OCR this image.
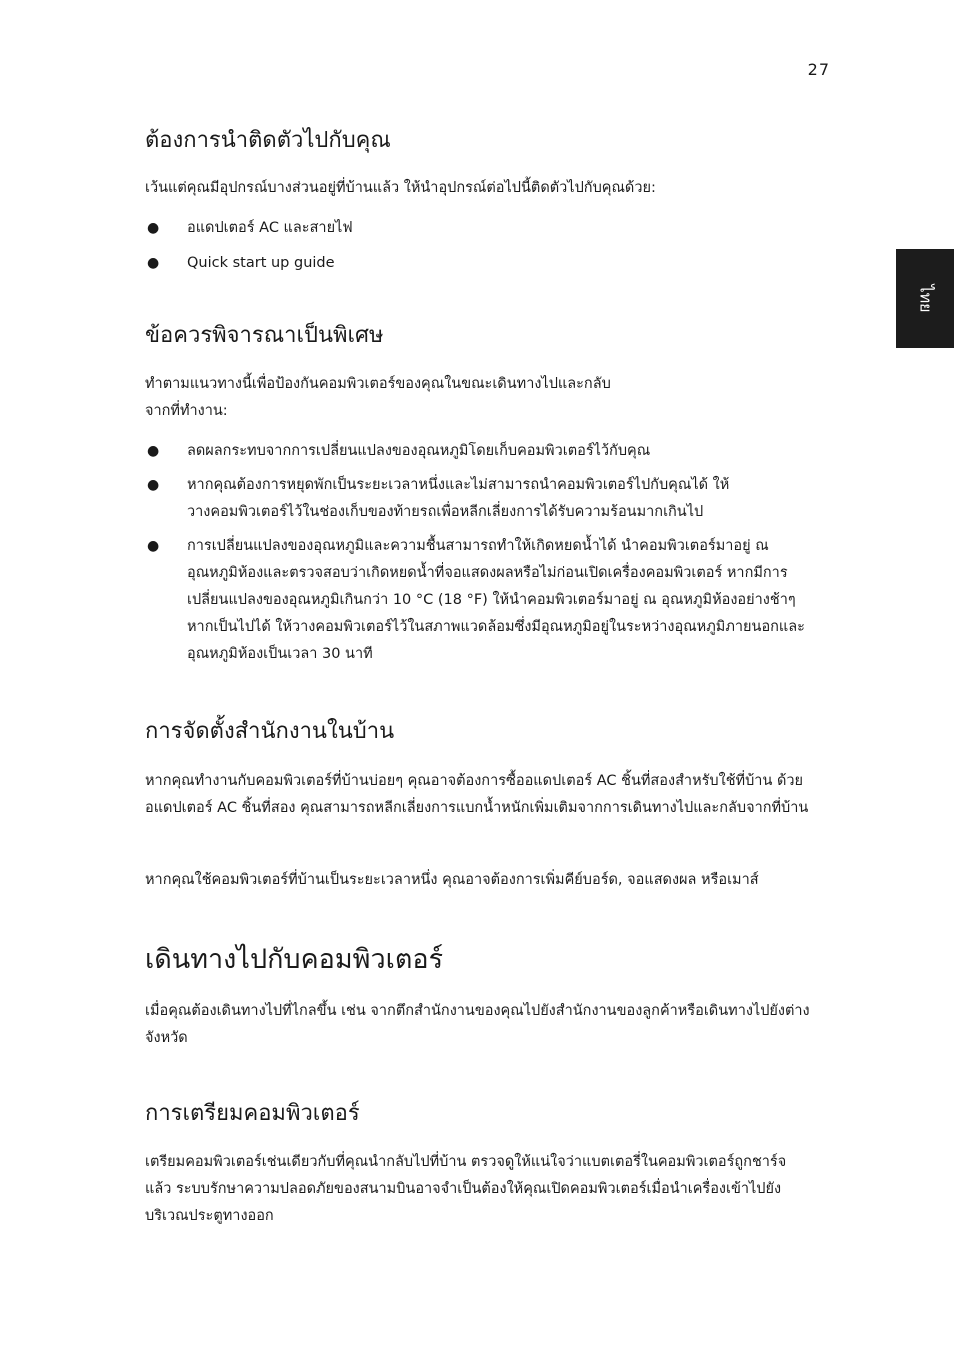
27
ไทย
ต้องการนำติดตัวไปกับคุณ
เว้นแต่คุณมีอุปกรณ์บางส่วนอยู่ที่บ้านแล้ว ให้นำอุปกรณ์ต่อไปนี้ติดตัวไปกับคุณด้วย:
● อแดปเตอร์ AC และสายไฟ
● Quick start up guide
ข้อควรพิจารณาเป็นพิเศษ
ทำตามแนวทางนี้เพื่อป้องกันคอมพิวเตอร์ของคุณในขณะเดินทางไปและกลับจากที่ทำงาน:
● ลดผลกระทบจากการเปลี่ยนแปลงของอุณหภูมิโดยเก็บคอมพิวเตอร์ไว้กับคุณ
● หากคุณต้องการหยุดพักเป็นระยะเวลาหนึ่งและไม่สามารถนำคอมพิวเตอร์ไปกับคุณได้ ให้วางคอมพิวเตอร์ไว้ในช่องเก็บของท้ายรถเพื่อหลีกเลี่ยงการได้รับความร้อนมากเกินไป
● การเปลี่ยนแปลงของอุณหภูมิและความชื้นสามารถทำให้เกิดหยดน้ำได้ นำคอมพิวเตอร์มาอยู่ ณ อุณหภูมิห้องและตรวจสอบว่าเกิดหยดน้ำที่จอแสดงผลหรือไม่ก่อนเปิดเครื่องคอมพิวเตอร์ หากมีการเปลี่ยนแปลงของอุณหภูมิเกินกว่า 10 °C (18 °F) ให้นำคอมพิวเตอร์มาอยู่ ณ อุณหภูมิห้องอย่างช้าๆ หากเป็นไปได้ ให้วางคอมพิวเตอร์ไว้ในสภาพแวดล้อมซึ่งมีอุณหภูมิอยู่ในระหว่างอุณหภูมิภายนอกและอุณหภูมิห้องเป็นเวลา 30 นาที
การจัดตั้งสำนักงานในบ้าน
หากคุณทำงานกับคอมพิวเตอร์ที่บ้านบ่อยๆ คุณอาจต้องการซื้ออแดปเตอร์ AC ชิ้นที่สองสำหรับใช้ที่บ้าน ด้วยอแดปเตอร์ AC ชิ้นที่สอง คุณสามารถหลีกเลี่ยงการแบกน้ำหนักเพิ่มเติมจากการเดินทางไปและกลับจากที่บ้าน
หากคุณใช้คอมพิวเตอร์ที่บ้านเป็นระยะเวลาหนึ่ง คุณอาจต้องการเพิ่มคีย์บอร์ด, จอแสดงผล หรือเมาส์
เดินทางไปกับคอมพิวเตอร์
เมื่อคุณต้องเดินทางไปที่ไกลขึ้น เช่น จากตึกสำนักงานของคุณไปยังสำนักงานของลูกค้าหรือเดินทางไปยังต่างจังหวัด
การเตรียมคอมพิวเตอร์
เตรียมคอมพิวเตอร์เช่นเดียวกับที่คุณนำกลับไปที่บ้าน ตรวจดูให้แน่ใจว่าแบตเตอรี่ในคอมพิวเตอร์ถูกชาร์จแล้ว ระบบรักษาความปลอดภัยของสนามบินอาจจำเป็นต้องให้คุณเปิดคอมพิวเตอร์เมื่อนำเครื่องเข้าไปยังบริเวณประตูทางออก
